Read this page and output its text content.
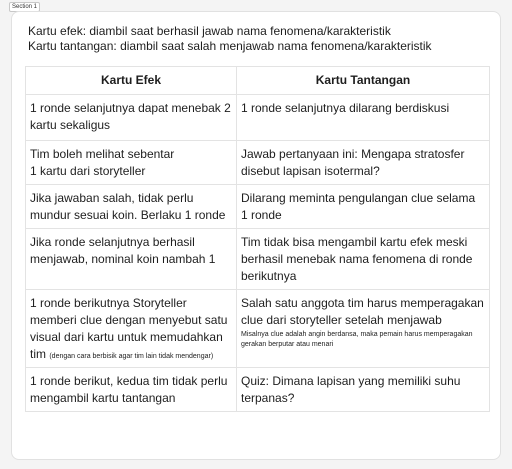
Section 1
Kartu efek: diambil saat berhasil jawab nama fenomena/karakteristik
Kartu tantangan: diambil saat salah menjawab nama fenomena/karakteristik
Kartu Efek	Kartu Tantangan
1 ronde selanjutnya dapat menebak 2 kartu sekaligus	1 ronde selanjutnya dilarang berdiskusi
Tim boleh melihat sebentar
1 kartu dari storyteller	Jawab pertanyaan ini: Mengapa stratosfer disebut lapisan isotermal?
Jika jawaban salah, tidak perlu mundur sesuai koin. Berlaku 1 ronde	Dilarang meminta pengulangan clue selama 1 ronde
Jika ronde selanjutnya berhasil menjawab, nominal koin nambah 1	Tim tidak bisa mengambil kartu efek meski berhasil menebak nama fenomena di ronde berikutnya
1 ronde berikutnya Storyteller memberi clue dengan menyebut satu visual dari kartu untuk memudahkan tim (dengan cara berbisik agar tim lain tidak mendengar)	Salah satu anggota tim harus memperagakan clue dari storyteller setelah menjawab
Misalnya clue adalah angin berdansa, maka pemain harus memperagakan gerakan berputar atau menari

1 ronde berikut, kedua tim tidak perlu mengambil kartu tantangan	Quiz: Dimana lapisan yang memiliki suhu terpanas?
